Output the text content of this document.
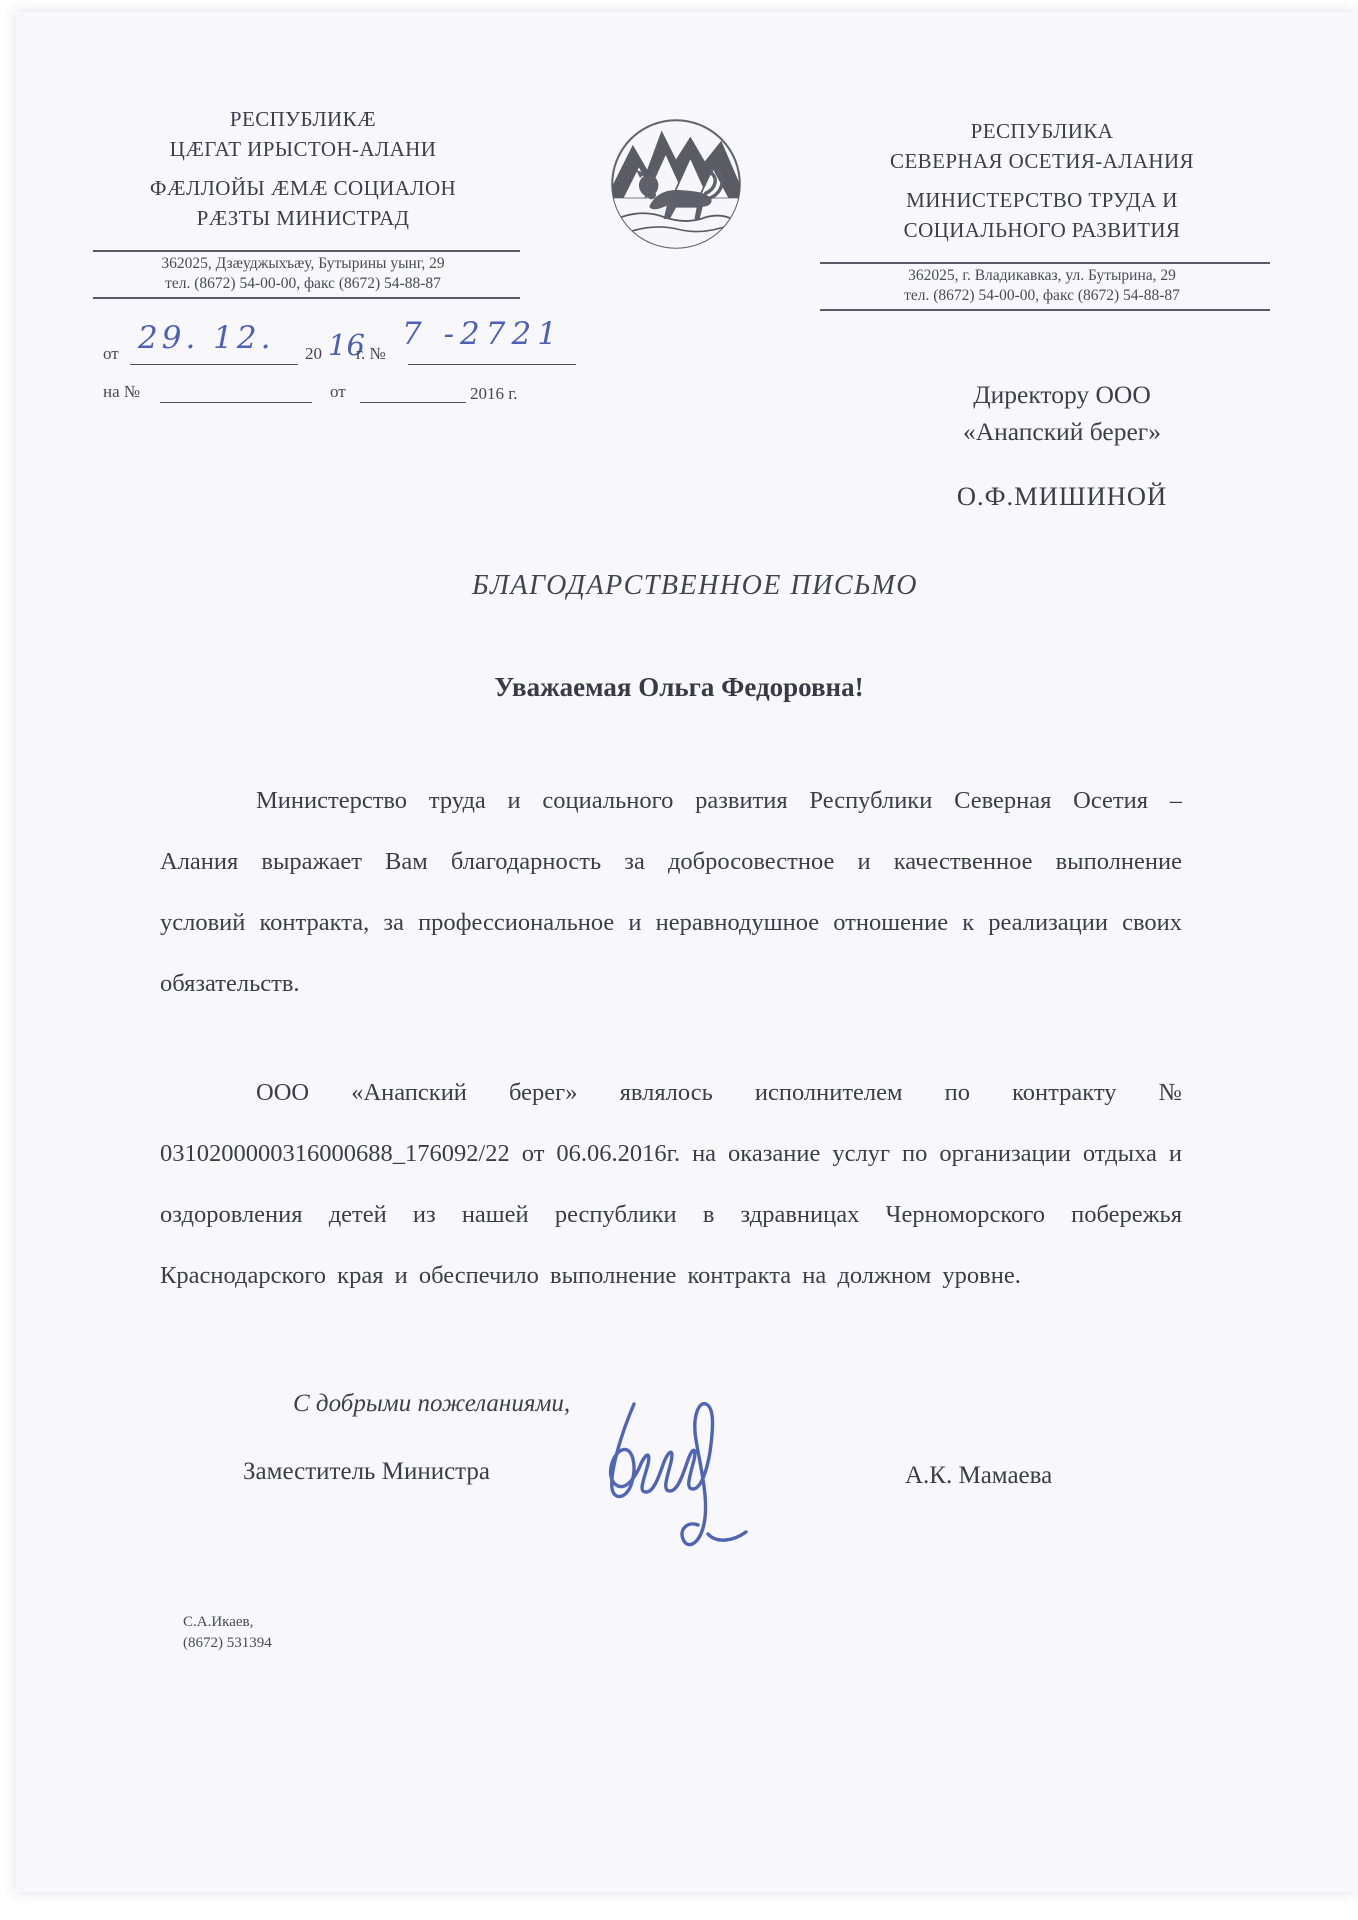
РЕСПУБЛИКÆ
ЦÆГАТ ИРЫСТОН-АЛАНИ
ФÆЛЛОЙЫ ÆМÆ СОЦИАЛОН
РÆЗТЫ МИНИСТРАД
362025, Дзæуджыхъæу, Бутырины уынг, 29
тел. (8672) 54-00-00, факс (8672) 54-88-87
РЕСПУБЛИКА
СЕВЕРНАЯ ОСЕТИЯ-АЛАНИЯ
МИНИСТЕРСТВО ТРУДА И
СОЦИАЛЬНОГО РАЗВИТИЯ
362025, г. Владикавказ, ул. Бутырина, 29
тел. (8672) 54-00-00, факс (8672) 54-88-87
от 29. 12. 20 16
г. №
7 -2721
на №	от	2016 г.	Директору ООО
«Анапский берег»
О.Ф.МИШИНОЙ
БЛАГОДАРСТВЕННОЕ ПИСЬМО
Уважаемая Ольга Федоровна!

Министерство труда и социального развития Республики Северная Осетия – Алания выражает Вам благодарность за добросовестное и качественное выполнение условий контракта, за профессиональное и неравнодушное отношение к реализации своих обязательств.

ООО «Анапский берег» являлось исполнителем по контракту № 0310200000316000688_176092/22 от 06.06.2016г. на оказание услуг по организации отдыха и оздоровления детей из нашей республики в здравницах Черноморского побережья Краснодарского края и обеспечило выполнение контракта на должном уровне.

С добрыми пожеланиями,
Заместитель Министра	А.К. Мамаева
С.А.Икаев,
(8672) 531394
